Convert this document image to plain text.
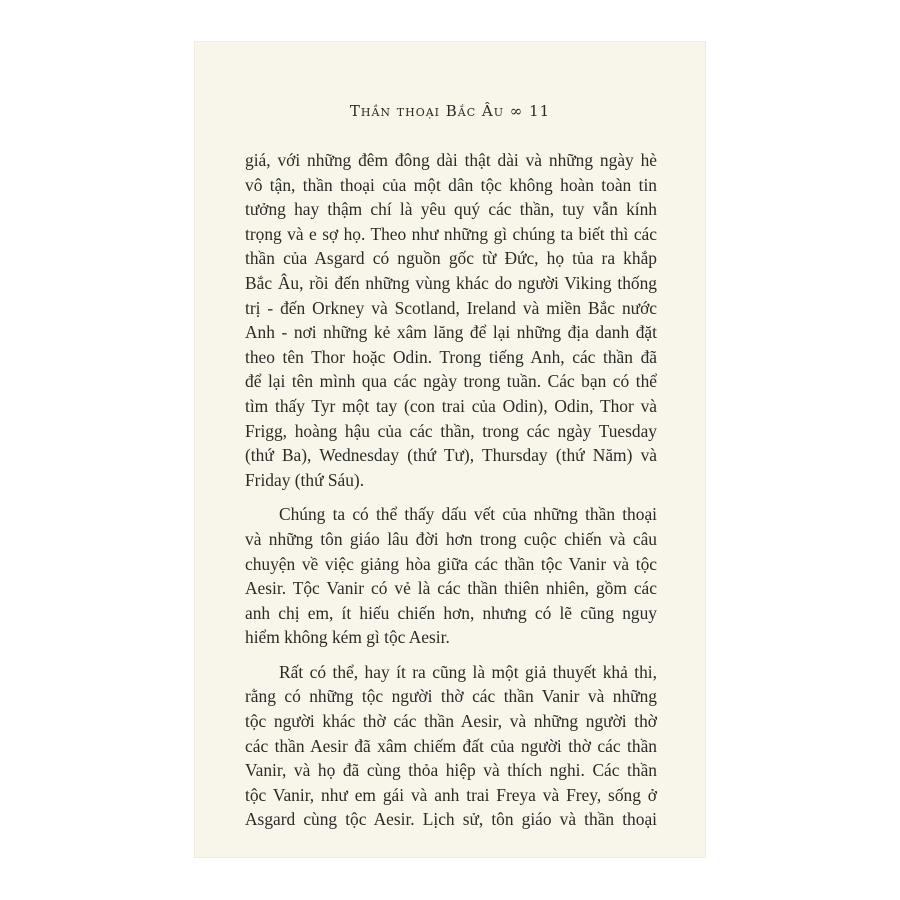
Thần thoại Bắc Âu ∞ 11
giá, với những đêm đông dài thật dài và những ngày hè
vô tận, thần thoại của một dân tộc không hoàn toàn tin
tưởng hay thậm chí là yêu quý các thần, tuy vẫn kính
trọng và e sợ họ. Theo như những gì chúng ta biết thì các
thần của Asgard có nguồn gốc từ Đức, họ tủa ra khắp
Bắc Âu, rồi đến những vùng khác do người Viking thống
trị - đến Orkney và Scotland, Ireland và miền Bắc nước
Anh - nơi những kẻ xâm lăng để lại những địa danh đặt
theo tên Thor hoặc Odin. Trong tiếng Anh, các thần đã
để lại tên mình qua các ngày trong tuần. Các bạn có thể
tìm thấy Tyr một tay (con trai của Odin), Odin, Thor và
Frigg, hoàng hậu của các thần, trong các ngày Tuesday
(thứ Ba), Wednesday (thứ Tư), Thursday (thứ Năm) và
Friday (thứ Sáu).
Chúng ta có thể thấy dấu vết của những thần thoại
và những tôn giáo lâu đời hơn trong cuộc chiến và câu
chuyện về việc giảng hòa giữa các thần tộc Vanir và tộc
Aesir. Tộc Vanir có vẻ là các thần thiên nhiên, gồm các
anh chị em, ít hiếu chiến hơn, nhưng có lẽ cũng nguy
hiểm không kém gì tộc Aesir.
Rất có thể, hay ít ra cũng là một giả thuyết khả thi,
rằng có những tộc người thờ các thần Vanir và những
tộc người khác thờ các thần Aesir, và những người thờ
các thần Aesir đã xâm chiếm đất của người thờ các thần
Vanir, và họ đã cùng thỏa hiệp và thích nghi. Các thần
tộc Vanir, như em gái và anh trai Freya và Frey, sống ở
Asgard cùng tộc Aesir. Lịch sử, tôn giáo và thần thoại
